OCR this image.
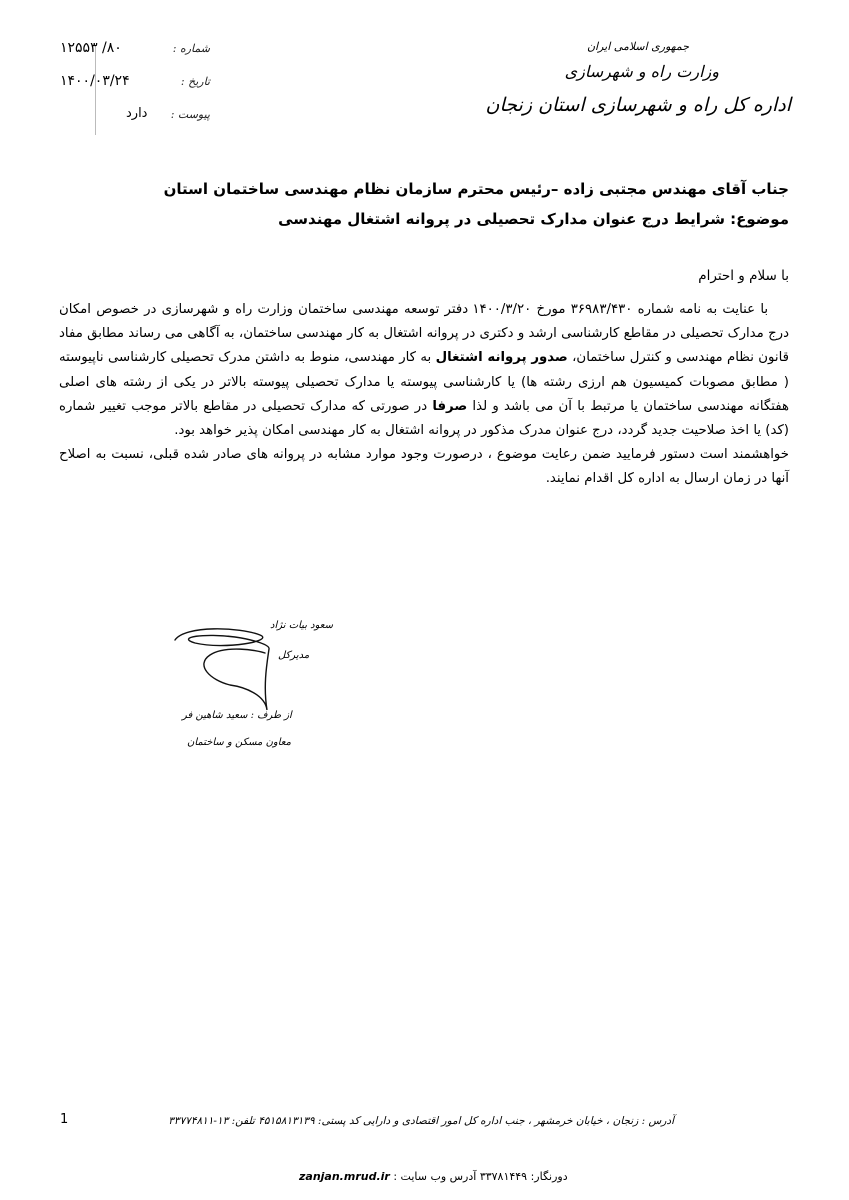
جمهوری اسلامی ایران
وزارت راه و شهرسازی
اداره کل راه و شهرسازی استان زنجان
شماره :
۸۰/ ۱۲۵۵۳
تاریخ :
۱۴۰۰/۰۳/۲۴
پیوست :
دارد
جناب آقای مهندس مجتبی زاده –رئیس محترم سازمان نظام مهندسی ساختمان استان
موضوع: شرایط درج عنوان مدارک تحصیلی در پروانه اشتغال مهندسی
با سلام و احترام

با عنایت به نامه شماره ۳۶۹۸۳/۴۳۰ مورخ ۱۴۰۰/۳/۲۰ دفتر توسعه مهندسی ساختمان وزارت راه و شهرسازی در خصوص امکان درج مدارک تحصیلی در مقاطع کارشناسی ارشد و دکتری در پروانه اشتغال به کار مهندسی ساختمان، به آگاهی می رساند مطابق مفاد قانون نظام مهندسی و کنترل ساختمان، صدور پروانه اشتغال به کار مهندسی، منوط به داشتن مدرک تحصیلی کارشناسی ناپیوسته ( مطابق مصوبات کمیسیون هم ارزی رشته ها) یا کارشناسی پیوسته یا مدارک تحصیلی پیوسته بالاتر در یکی از رشته های اصلی هفتگانه مهندسی ساختمان یا مرتبط با آن می باشد و لذا صرفا در صورتی که مدارک تحصیلی در مقاطع بالاتر موجب تغییر شماره (کد) یا اخذ صلاحیت جدید گردد، درج عنوان مدرک مذکور در پروانه اشتغال به کار مهندسی امکان پذیر خواهد بود.

خواهشمند است دستور فرمایید ضمن رعایت موضوع ، درصورت وجود موارد مشابه در پروانه های صادر شده قبلی، نسبت به اصلاح آنها در زمان ارسال به اداره کل اقدام نمایند.

سعود بیات نژاد
مدیرکل
از طرف : سعید شاهین فر
معاون مسکن و ساختمان
1	آدرس : زنجان ، خیابان خرمشهر ، جنب اداره کل امور اقتصادی و دارایی کد پستی: ۴۵۱۵۸۱۳۱۳۹ تلفن: ۱۳-۳۳۷۷۴۸۱۱
zanjan.mrud.ir دورنگار: ۳۳۷۸۱۴۴۹ آدرس وب سایت :
